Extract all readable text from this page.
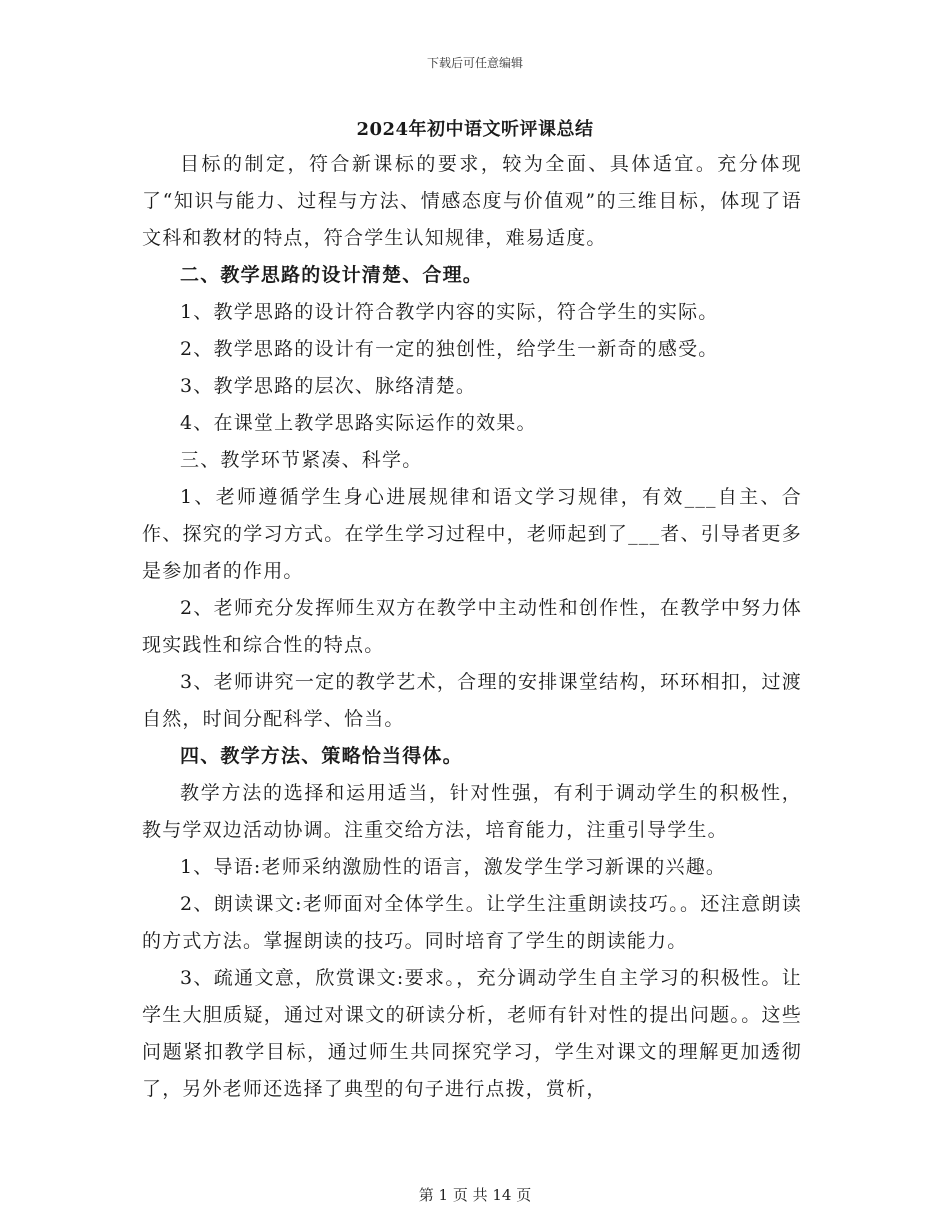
下载后可任意编辑
2024年初中语文听评课总结

目标的制定，符合新课标的要求，较为全面、具体适宜。充分体现了“知识与能力、过程与方法、情感态度与价值观”的三维目标，体现了语文科和教材的特点，符合学生认知规律，难易适度。

二、教学思路的设计清楚、合理。

1、教学思路的设计符合教学内容的实际，符合学生的实际。

2、教学思路的设计有一定的独创性，给学生一新奇的感受。

3、教学思路的层次、脉络清楚。

4、在课堂上教学思路实际运作的效果。

三、教学环节紧凑、科学。

1、老师遵循学生身心进展规律和语文学习规律，有效___自主、合作、探究的学习方式。在学生学习过程中，老师起到了___者、引导者更多是参加者的作用。

2、老师充分发挥师生双方在教学中主动性和创作性，在教学中努力体现实践性和综合性的特点。

3、老师讲究一定的教学艺术，合理的安排课堂结构，环环相扣，过渡自然，时间分配科学、恰当。

四、教学方法、策略恰当得体。

教学方法的选择和运用适当，针对性强，有利于调动学生的积极性，教与学双边活动协调。注重交给方法，培育能力，注重引导学生。

1、导语:老师采纳激励性的语言，激发学生学习新课的兴趣。

2、朗读课文:老师面对全体学生。让学生注重朗读技巧。。还注意朗读的方式方法。掌握朗读的技巧。同时培育了学生的朗读能力。

3、疏通文意，欣赏课文:要求。，充分调动学生自主学习的积极性。让学生大胆质疑，通过对课文的研读分析，老师有针对性的提出问题。。这些问题紧扣教学目标，通过师生共同探究学习，学生对课文的理解更加透彻了，另外老师还选择了典型的句子进行点拨，赏析，

第 1 页 共 14 页
